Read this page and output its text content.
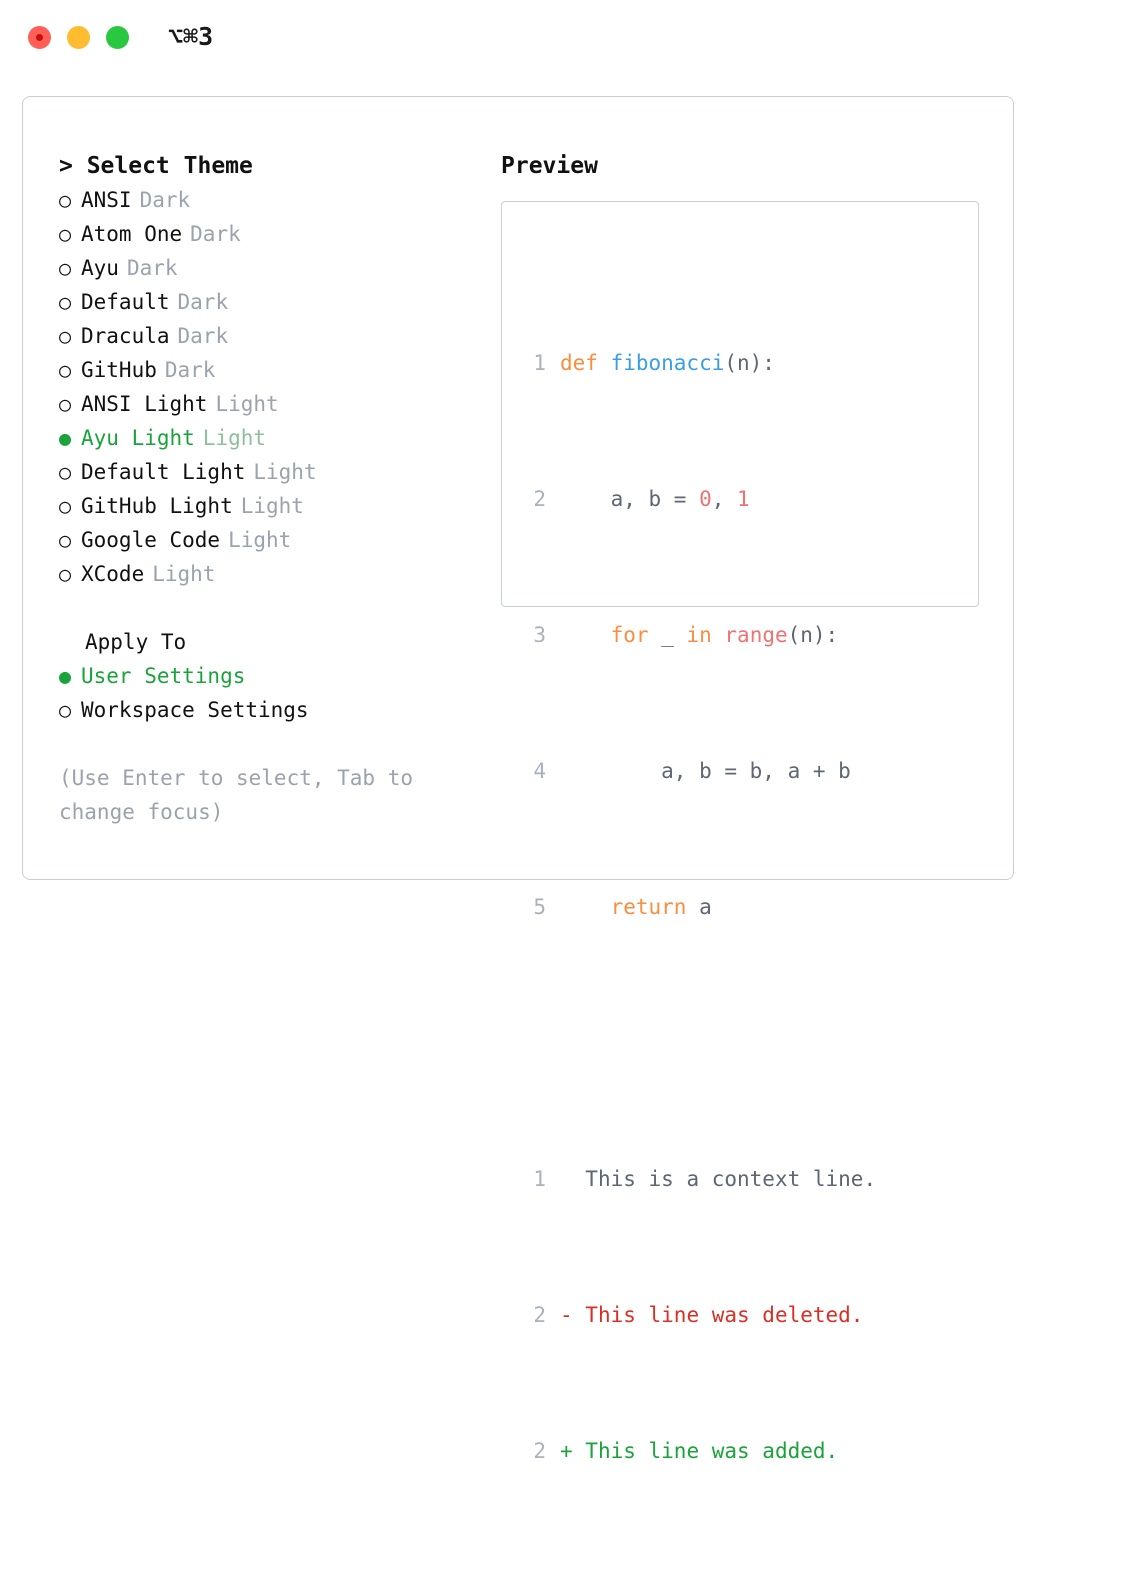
⌥⌘3
> Select Theme
○ ANSI Dark
○ Atom One Dark
○ Ayu Dark
○ Default Dark
○ Dracula Dark
○ GitHub Dark
○ ANSI Light Light
● Ayu Light Light
○ Default Light Light
○ GitHub Light Light
○ Google Code Light
○ XCode Light
Apply To
● User Settings
○ Workspace Settings
(Use Enter to select, Tab to change focus)
Preview

1 def fibonacci(n):

2    a, b = 0, 1

3	for _ in range(n):

4        a, b = b, a + b

5	return a

1 This is a context line.

2 - This line was deleted.

2 + This line was added.
